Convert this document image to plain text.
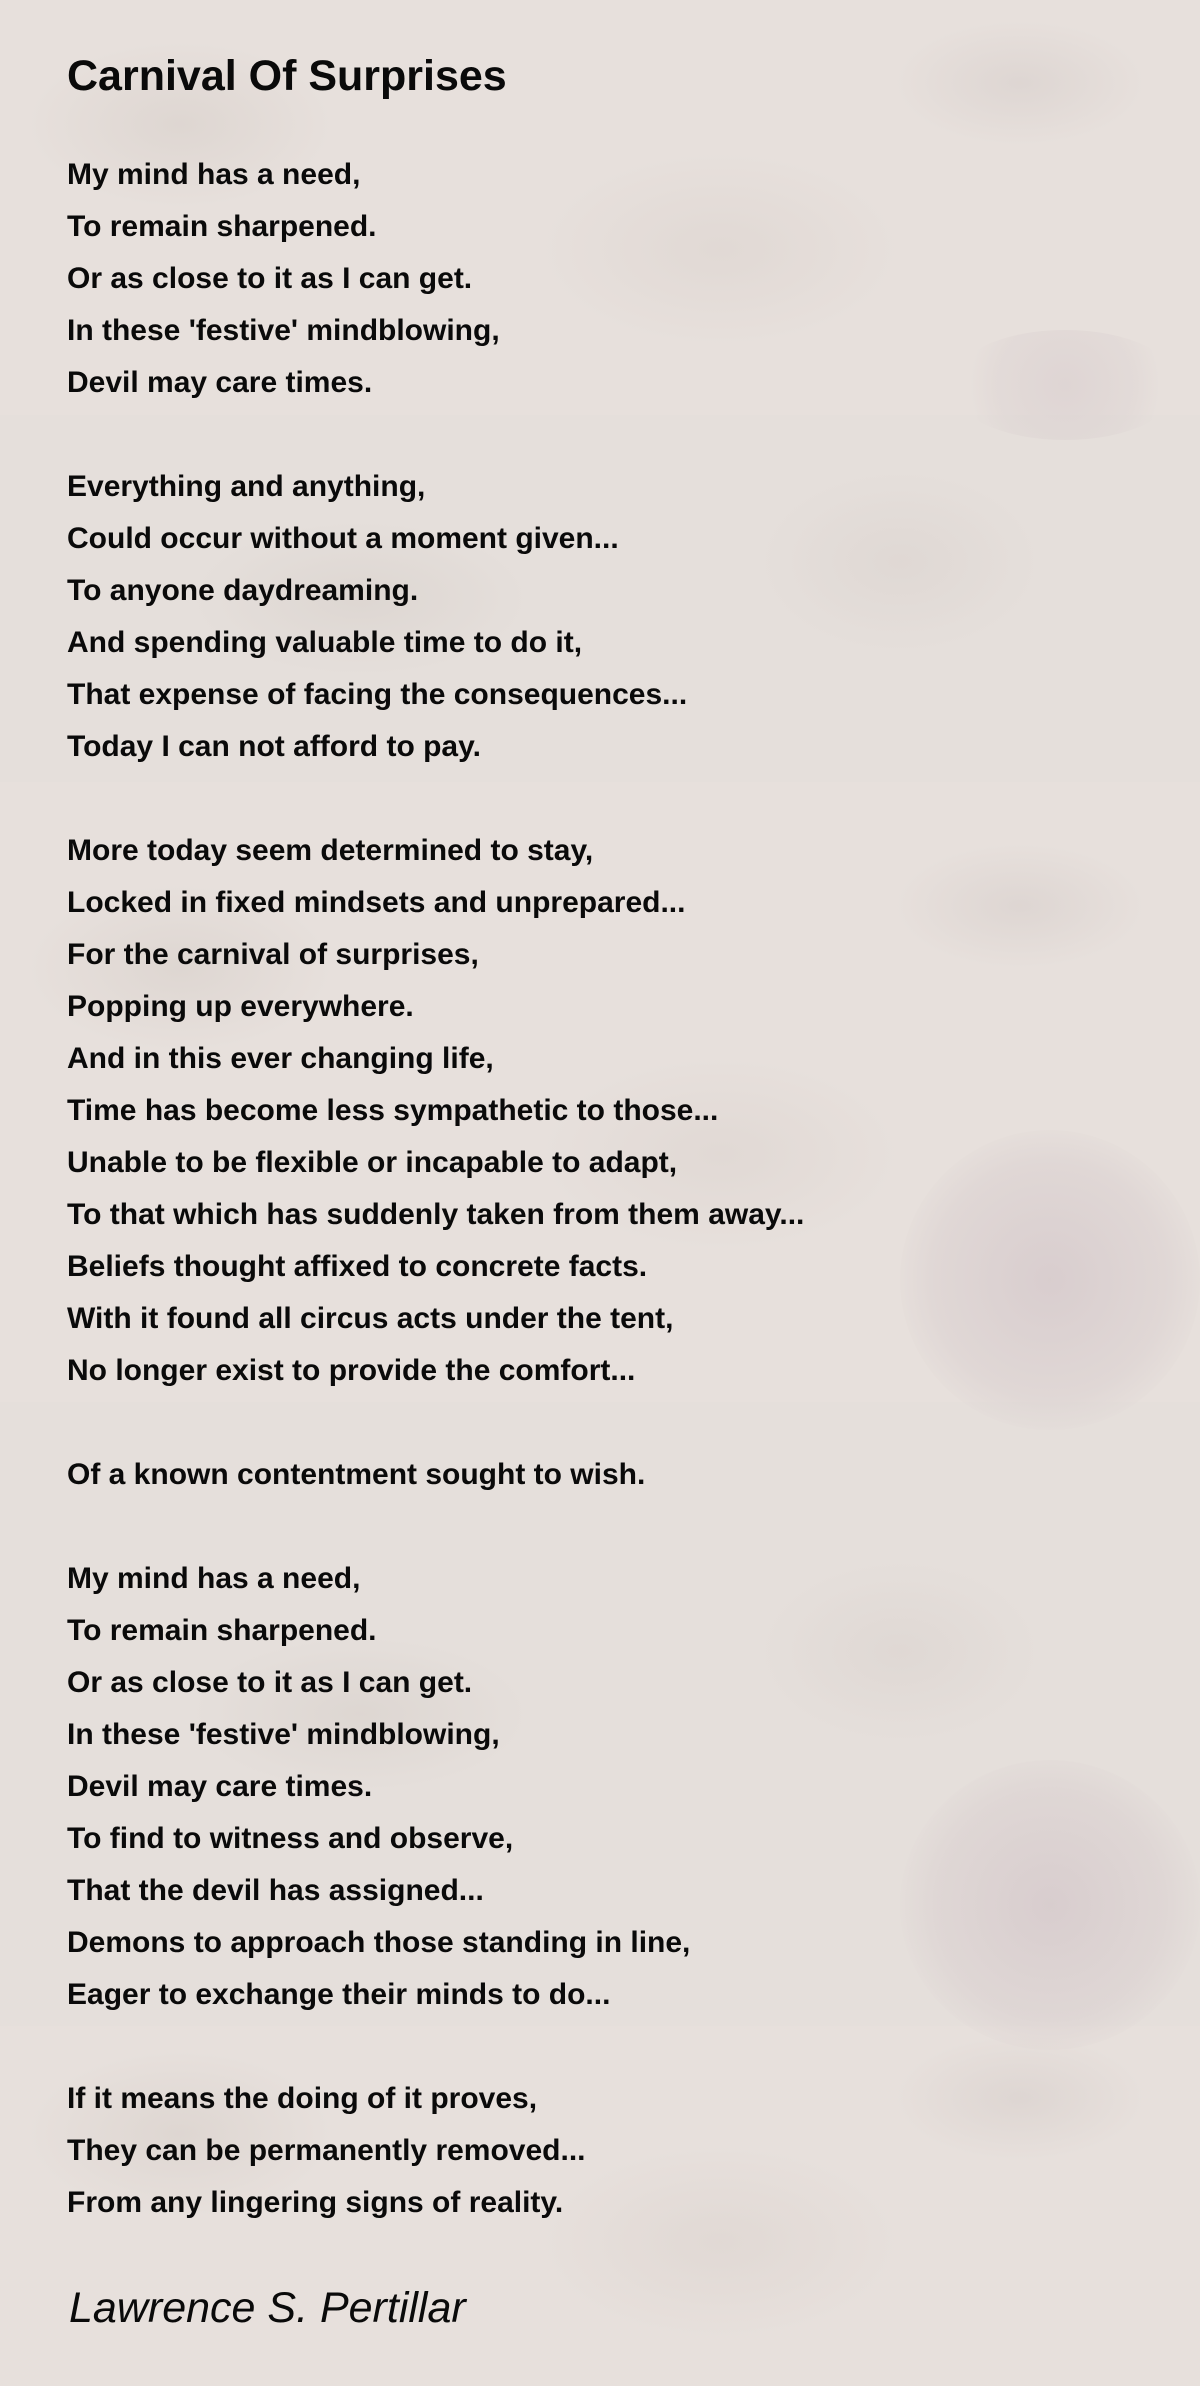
Carnival Of Surprises
My mind has a need,
To remain sharpened.
Or as close to it as I can get.
In these 'festive' mindblowing,
Devil may care times.
Everything and anything,
Could occur without a moment given...
To anyone daydreaming.
And spending valuable time to do it,
That expense of facing the consequences...
Today I can not afford to pay.
More today seem determined to stay,
Locked in fixed mindsets and unprepared...
For the carnival of surprises,
Popping up everywhere.
And in this ever changing life,
Time has become less sympathetic to those...
Unable to be flexible or incapable to adapt,
To that which has suddenly taken from them away...
Beliefs thought affixed to concrete facts.
With it found all circus acts under the tent,
No longer exist to provide the comfort...
Of a known contentment sought to wish.
My mind has a need,
To remain sharpened.
Or as close to it as I can get.
In these 'festive' mindblowing,
Devil may care times.
To find to witness and observe,
That the devil has assigned...
Demons to approach those standing in line,
Eager to exchange their minds to do...
If it means the doing of it proves,
They can be permanently removed...
From any lingering signs of reality.
Lawrence S. Pertillar
